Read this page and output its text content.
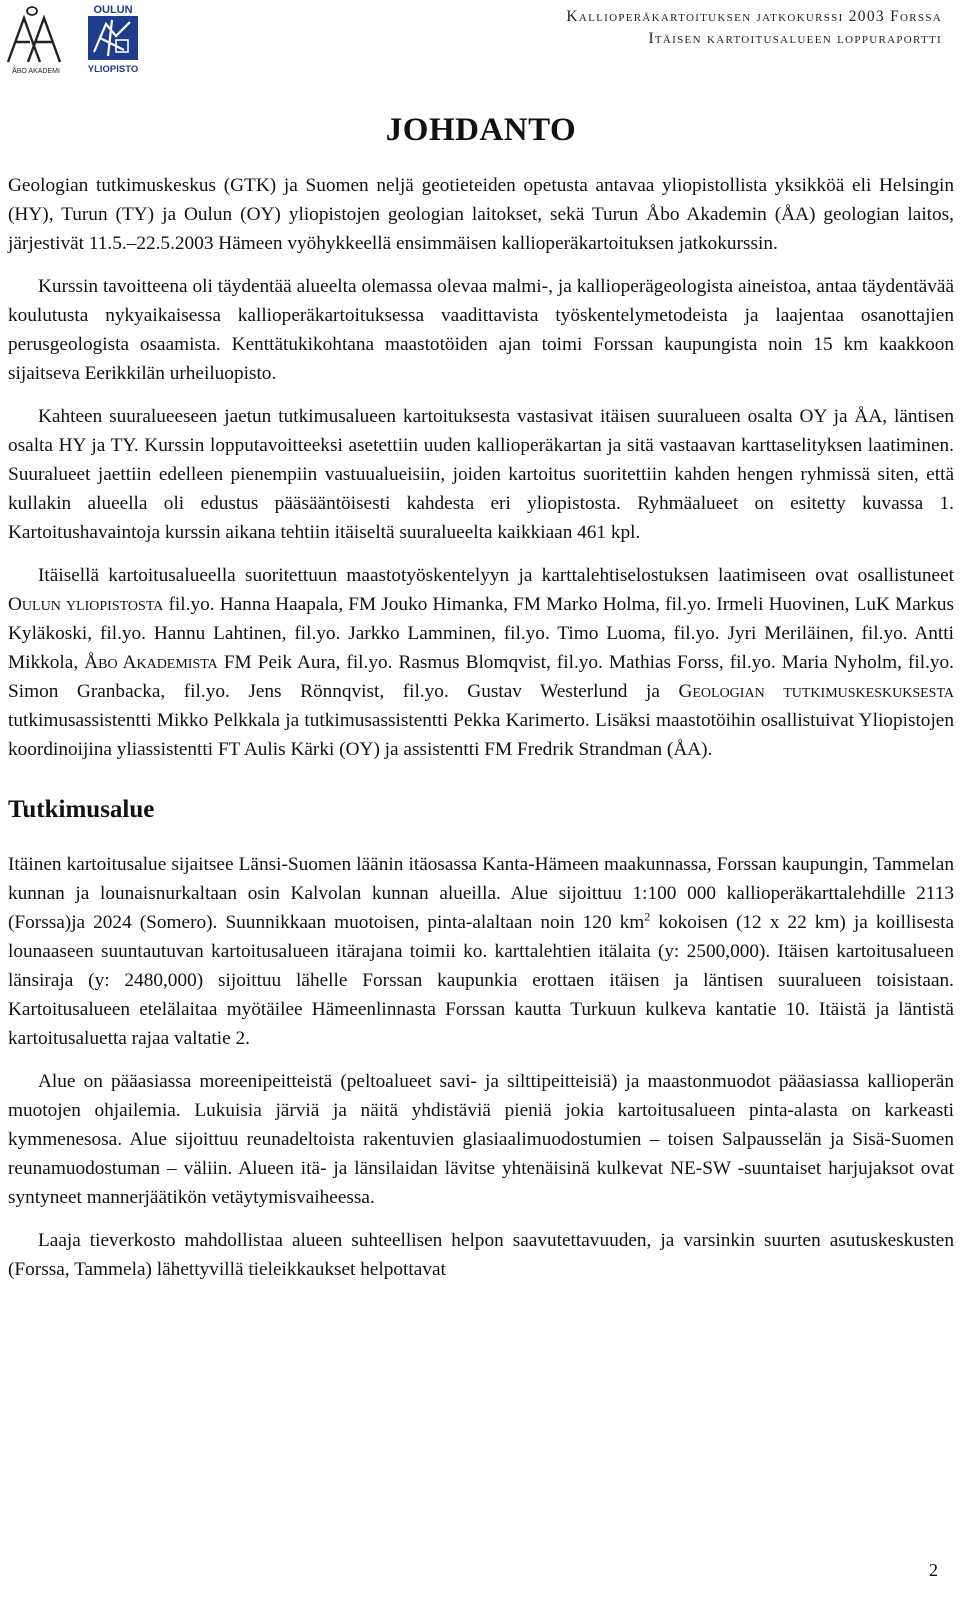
ÅBO AKADEMI
OULUN
YLIOPISTO
Kallioperäkartoituksen jatkokurssi 2003 Forssa
Itäisen kartoitusalueen loppuraportti
JOHDANTO

Geologian tutkimuskeskus (GTK) ja Suomen neljä geotieteiden opetusta antavaa yliopistollista yksikköä eli Helsingin (HY), Turun (TY) ja Oulun (OY) yliopistojen geologian laitokset, sekä Turun Åbo Akademin (ÅA) geologian laitos, järjestivät 11.5.–22.5.2003 Hämeen vyöhykkeellä ensimmäisen kallioperäkartoituksen jatkokurssin.

Kurssin tavoitteena oli täydentää alueelta olemassa olevaa malmi-, ja kallioperägeologista aineistoa, antaa täydentävää koulutusta nykyaikaisessa kallioperäkartoituksessa vaadittavista työskentelymetodeista ja laajentaa osanottajien perusgeologista osaamista. Kenttätukikohtana maastotöiden ajan toimi Forssan kaupungista noin 15 km kaakkoon sijaitseva Eerikkilän urheiluopisto.

Kahteen suuralueeseen jaetun tutkimusalueen kartoituksesta vastasivat itäisen suuralueen osalta OY ja ÅA, läntisen osalta HY ja TY. Kurssin lopputavoitteeksi asetettiin uuden kallioperäkartan ja sitä vastaavan karttaselityksen laatiminen. Suuralueet jaettiin edelleen pienempiin vastuualueisiin, joiden kartoitus suoritettiin kahden hengen ryhmissä siten, että kullakin alueella oli edustus pääsääntöisesti kahdesta eri yliopistosta. Ryhmäalueet on esitetty kuvassa 1. Kartoitushavaintoja kurssin aikana tehtiin itäiseltä suuralueelta kaikkiaan 461 kpl.

Itäisellä kartoitusalueella suoritettuun maastotyöskentelyyn ja karttalehtiselostuksen laatimiseen ovat osallistuneet Oulun yliopistosta fil.yo. Hanna Haapala, FM Jouko Himanka, FM Marko Holma, fil.yo. Irmeli Huovinen, LuK Markus Kyläkoski, fil.yo. Hannu Lahtinen, fil.yo. Jarkko Lamminen, fil.yo. Timo Luoma, fil.yo. Jyri Meriläinen, fil.yo. Antti Mikkola, Åbo Akademista FM Peik Aura, fil.yo. Rasmus Blomqvist, fil.yo. Mathias Forss, fil.yo. Maria Nyholm, fil.yo. Simon Granbacka, fil.yo. Jens Rönnqvist, fil.yo. Gustav Westerlund ja Geologian tutkimuskeskuksesta tutkimusassistentti Mikko Pelkkala ja tutkimusassistentti Pekka Karimerto. Lisäksi maastotöihin osallistuivat Yliopistojen koordinoijina yliassistentti FT Aulis Kärki (OY) ja assistentti FM Fredrik Strandman (ÅA).

Tutkimusalue

Itäinen kartoitusalue sijaitsee Länsi-Suomen läänin itäosassa Kanta-Hämeen maakunnassa, Forssan kaupungin, Tammelan kunnan ja lounaisnurkaltaan osin Kalvolan kunnan alueilla. Alue sijoittuu 1:100 000 kallioperäkarttalehdille 2113 (Forssa)ja 2024 (Somero). Suunnikkaan muotoisen, pinta-alaltaan noin 120 $km^2$ kokoisen (12 x 22 km) ja koillisesta lounaaseen suuntautuvan kartoitusalueen itärajana toimii ko. karttalehtien itälaita (y: 2500,000). Itäisen kartoitusalueen länsiraja (y: 2480,000) sijoittuu lähelle Forssan kaupunkia erottaen itäisen ja läntisen suuralueen toisistaan. Kartoitusalueen etelälaitaa myötäilee Hämeenlinnasta Forssan kautta Turkuun kulkeva kantatie 10. Itäistä ja läntistä kartoitusaluetta rajaa valtatie 2.

Alue on pääasiassa moreenipeitteistä (peltoalueet savi- ja silttipeitteisiä) ja maastonmuodot pääasiassa kallioperän muotojen ohjailemia. Lukuisia järviä ja näitä yhdistäviä pieniä jokia kartoitusalueen pinta-alasta on karkeasti kymmenesosa. Alue sijoittuu reunadeltoista rakentuvien glasiaalimuodostumien – toisen Salpausselän ja Sisä-Suomen reunamuodostuman – väliin. Alueen itä- ja länsilaidan lävitse yhtenäisinä kulkevat NE-SW -suuntaiset harjujaksot ovat syntyneet mannerjäätikön vetäytymisvaiheessa.

Laaja tieverkosto mahdollistaa alueen suhteellisen helpon saavutettavuuden, ja varsinkin suurten asutuskeskusten (Forssa, Tammela) lähettyvillä tieleikkaukset helpottavat

2
